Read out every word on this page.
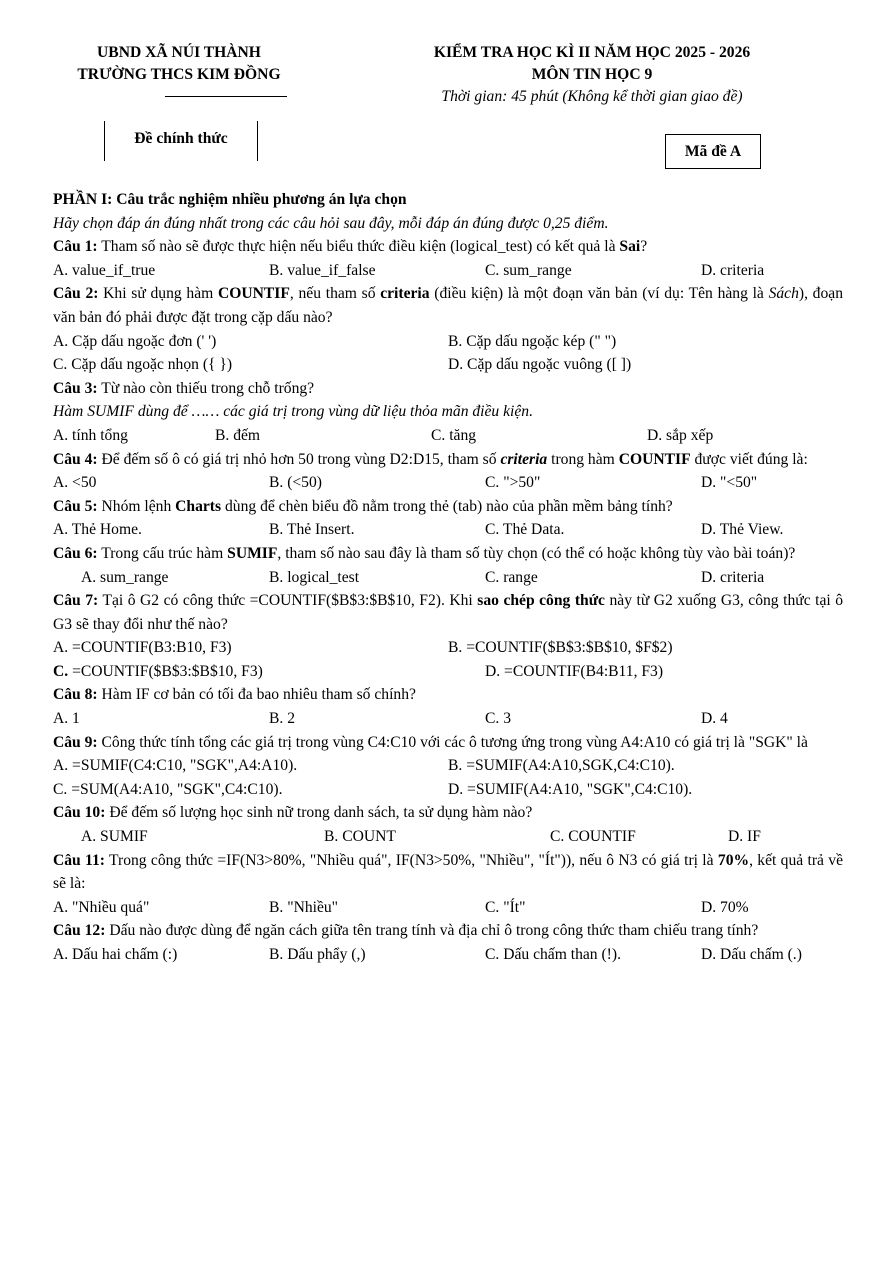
UBND XÃ NÚI THÀNH
TRƯỜNG THCS KIM ĐỒNG
KIỂM TRA HỌC KÌ II NĂM HỌC 2025 - 2026
MÔN TIN HỌC 9
Thời gian: 45 phút (Không kể thời gian giao đề)
Đề chính thức
Mã đề A

PHẦN I: Câu trắc nghiệm nhiều phương án lựa chọn

Hãy chọn đáp án đúng nhất trong các câu hỏi sau đây, mỗi đáp án đúng được 0,25 điểm.

Câu 1: Tham số nào sẽ được thực hiện nếu biểu thức điều kiện (logical_test) có kết quả là Sai?

A. value_if_true	B. value_if_false	C. sum_range	D. criteria

Câu 2: Khi sử dụng hàm COUNTIF, nếu tham số criteria (điều kiện) là một đoạn văn bản (ví dụ: Tên hàng là Sách), đoạn văn bản đó phải được đặt trong cặp dấu nào?

A. Cặp dấu ngoặc đơn (' ')	B. Cặp dấu ngoặc kép (" ")
C. Cặp dấu ngoặc nhọn ({ })	D. Cặp dấu ngoặc vuông ([ ])

Câu 3: Từ nào còn thiếu trong chỗ trống?

Hàm SUMIF dùng để …… các giá trị trong vùng dữ liệu thỏa mãn điều kiện.

A. tính tổng	B. đếm	C. tăng	D. sắp xếp

Câu 4: Để đếm số ô có giá trị nhỏ hơn 50 trong vùng D2:D15, tham số criteria trong hàm COUNTIF được viết đúng là:

A. <50	B. (<50)	C. ">50"	D. "<50"

Câu 5: Nhóm lệnh Charts dùng để chèn biểu đồ nằm trong thẻ (tab) nào của phần mềm bảng tính?

A. Thẻ Home.	B. Thẻ Insert.	C. Thẻ Data.	D. Thẻ View.

Câu 6: Trong cấu trúc hàm SUMIF, tham số nào sau đây là tham số tùy chọn (có thể có hoặc không tùy vào bài toán)?

A. sum_range	B. logical_test	C. range	D. criteria

Câu 7: Tại ô G2 có công thức =COUNTIF($B$3:$B$10, F2). Khi sao chép công thức này từ G2 xuống G3, công thức tại ô G3 sẽ thay đổi như thế nào?

A. =COUNTIF(B3:B10, F3)	B. =COUNTIF($B$3:$B$10, $F$2)
C. =COUNTIF($B$3:$B$10, F3)	D. =COUNTIF(B4:B11, F3)

Câu 8: Hàm IF cơ bản có tối đa bao nhiêu tham số chính?

A. 1	B. 2	C. 3	D. 4

Câu 9: Công thức tính tổng các giá trị trong vùng C4:C10 với các ô tương ứng trong vùng A4:A10 có giá trị là "SGK" là

A. =SUMIF(C4:C10, "SGK",A4:A10).	B. =SUMIF(A4:A10,SGK,C4:C10).
C. =SUM(A4:A10, "SGK",C4:C10).	D. =SUMIF(A4:A10, "SGK",C4:C10).

Câu 10: Để đếm số lượng học sinh nữ trong danh sách, ta sử dụng hàm nào?

A. SUMIF	B. COUNT	C. COUNTIF	D. IF

Câu 11: Trong công thức =IF(N3>80%, "Nhiều quá", IF(N3>50%, "Nhiều", "Ít")), nếu ô N3 có giá trị là 70%, kết quả trả về sẽ là:

A. "Nhiều quá"	B. "Nhiều"	C. "Ít"	D. 70%

Câu 12: Dấu nào được dùng để ngăn cách giữa tên trang tính và địa chỉ ô trong công thức tham chiếu trang tính?

A. Dấu hai chấm (:)	B. Dấu phẩy (,)	C. Dấu chấm than (!).	D. Dấu chấm (.)
